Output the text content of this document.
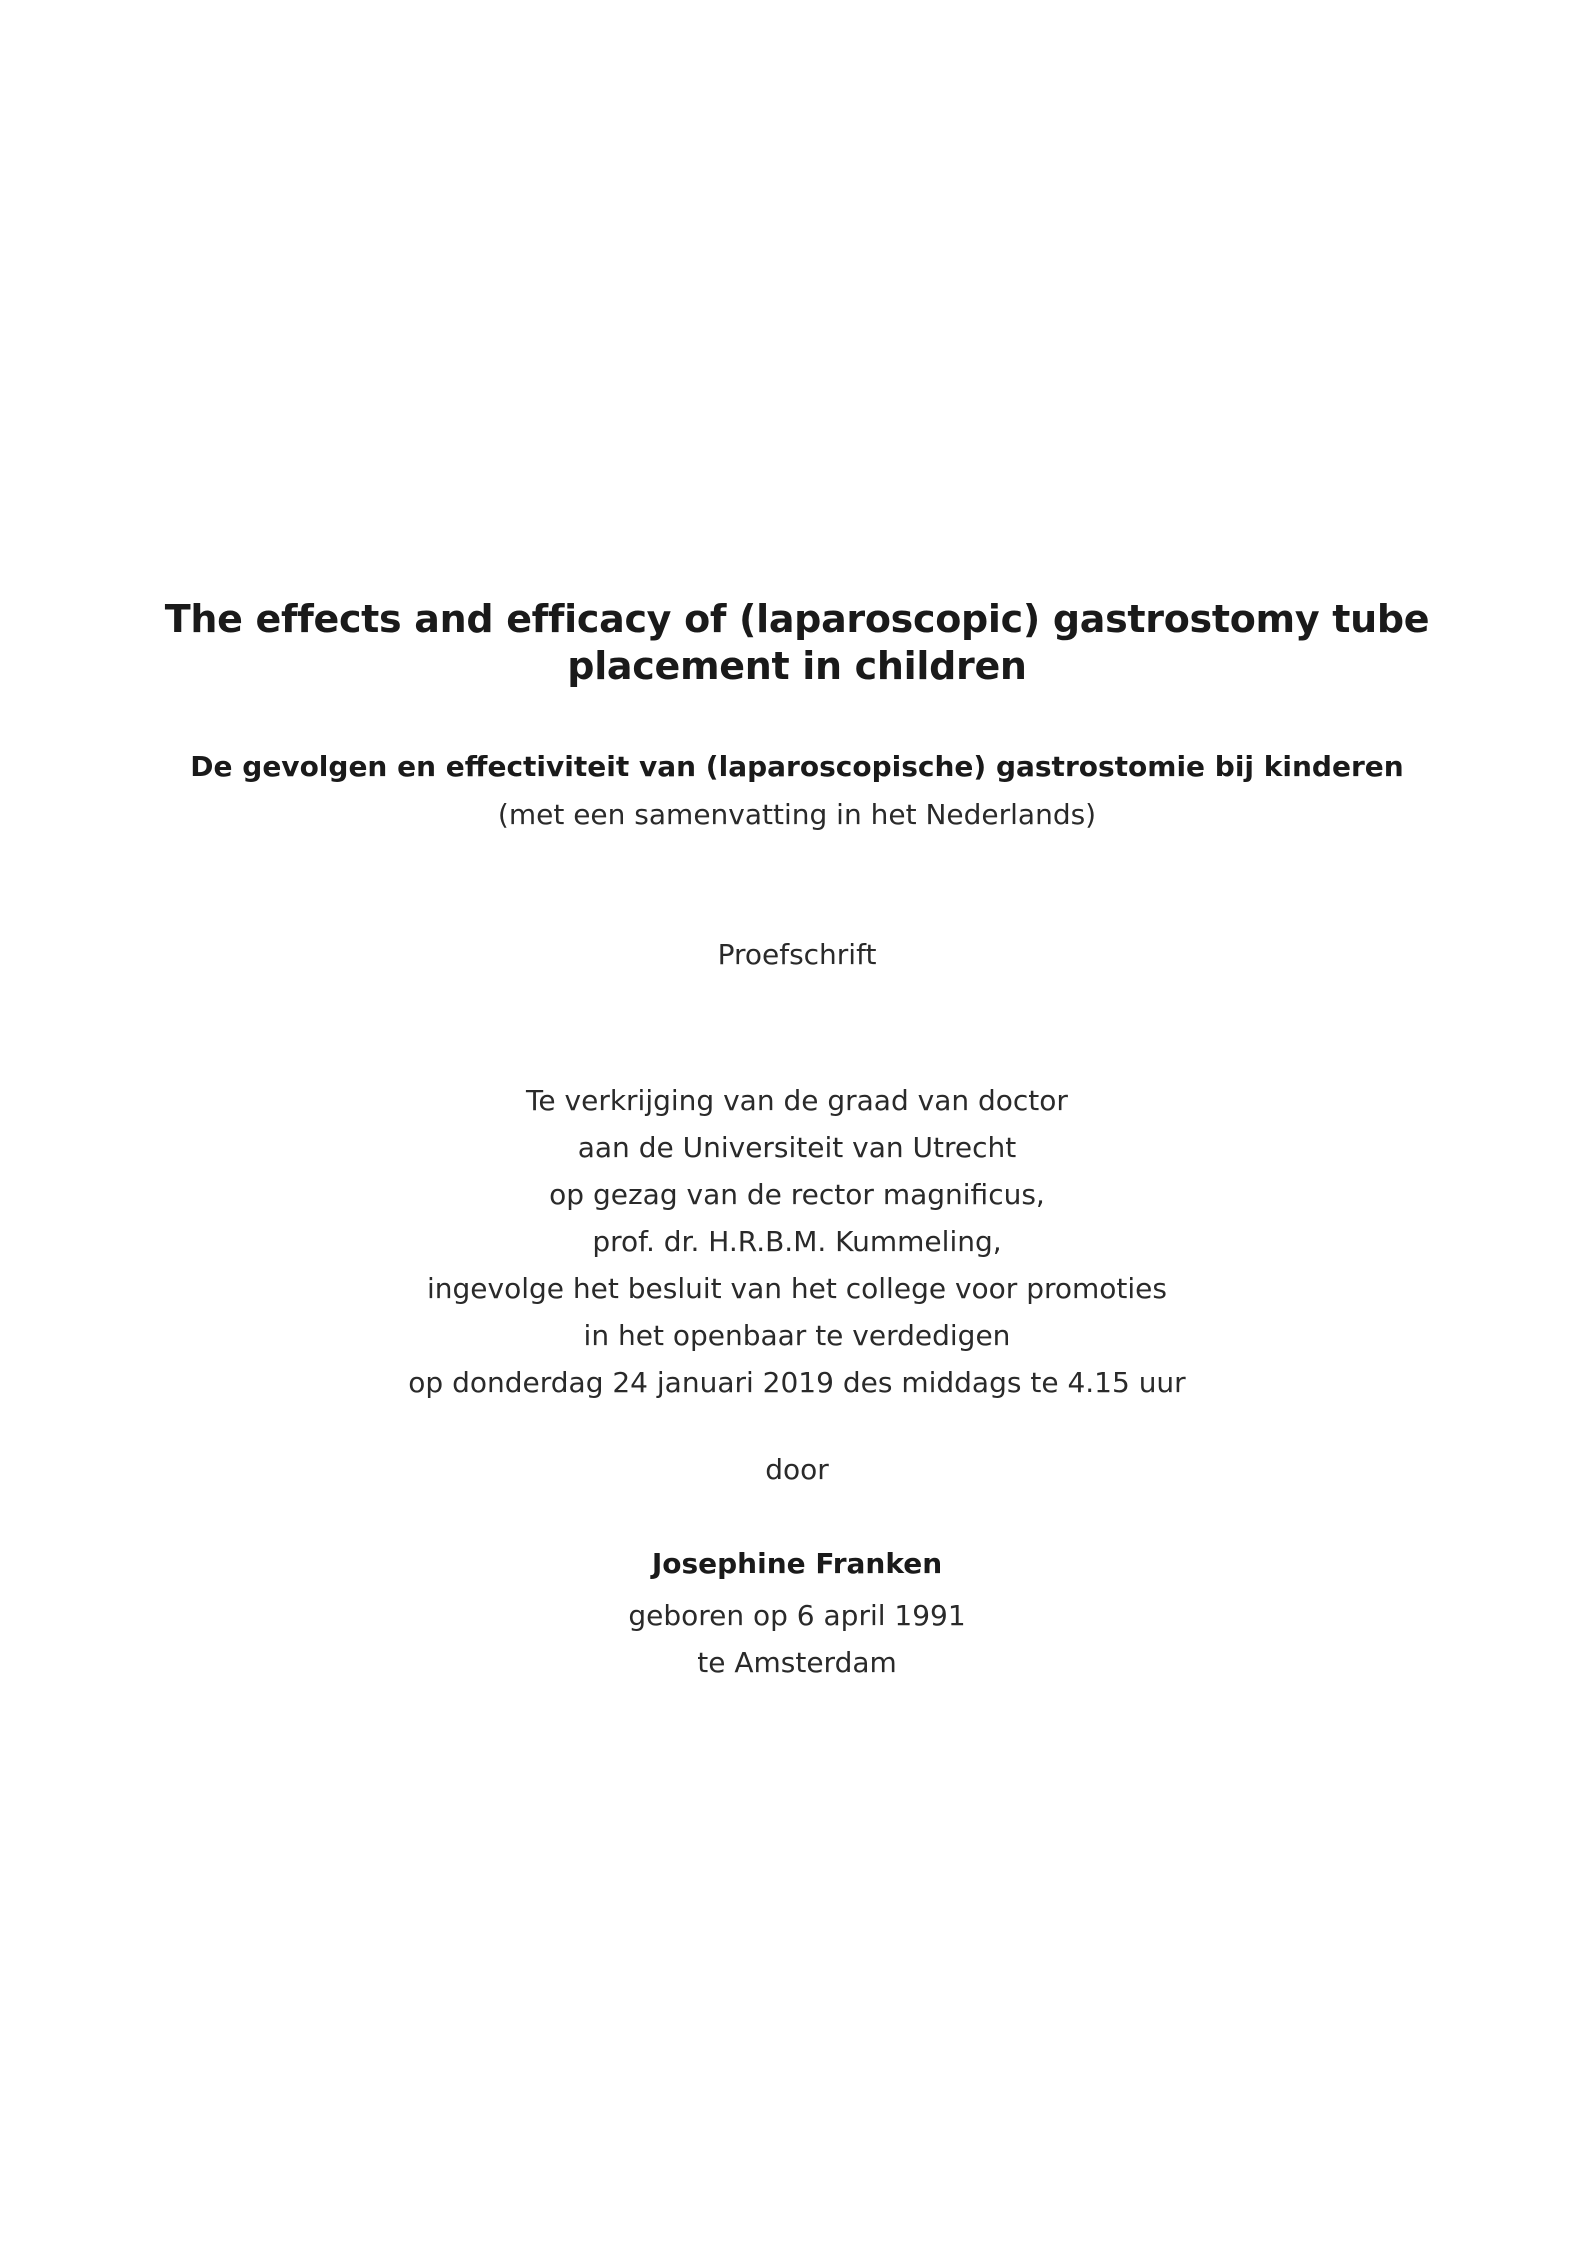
The effects and efficacy of (laparoscopic) gastrostomy tube
placement in children
De gevolgen en effectiviteit van (laparoscopische) gastrostomie bij kinderen
(met een samenvatting in het Nederlands)
Proefschrift
Te verkrijging van de graad van doctor
aan de Universiteit van Utrecht
op gezag van de rector magnificus,
prof. dr. H.R.B.M. Kummeling,
ingevolge het besluit van het college voor promoties
in het openbaar te verdedigen
op donderdag 24 januari 2019 des middags te 4.15 uur
door
Josephine Franken
geboren op 6 april 1991
te Amsterdam
